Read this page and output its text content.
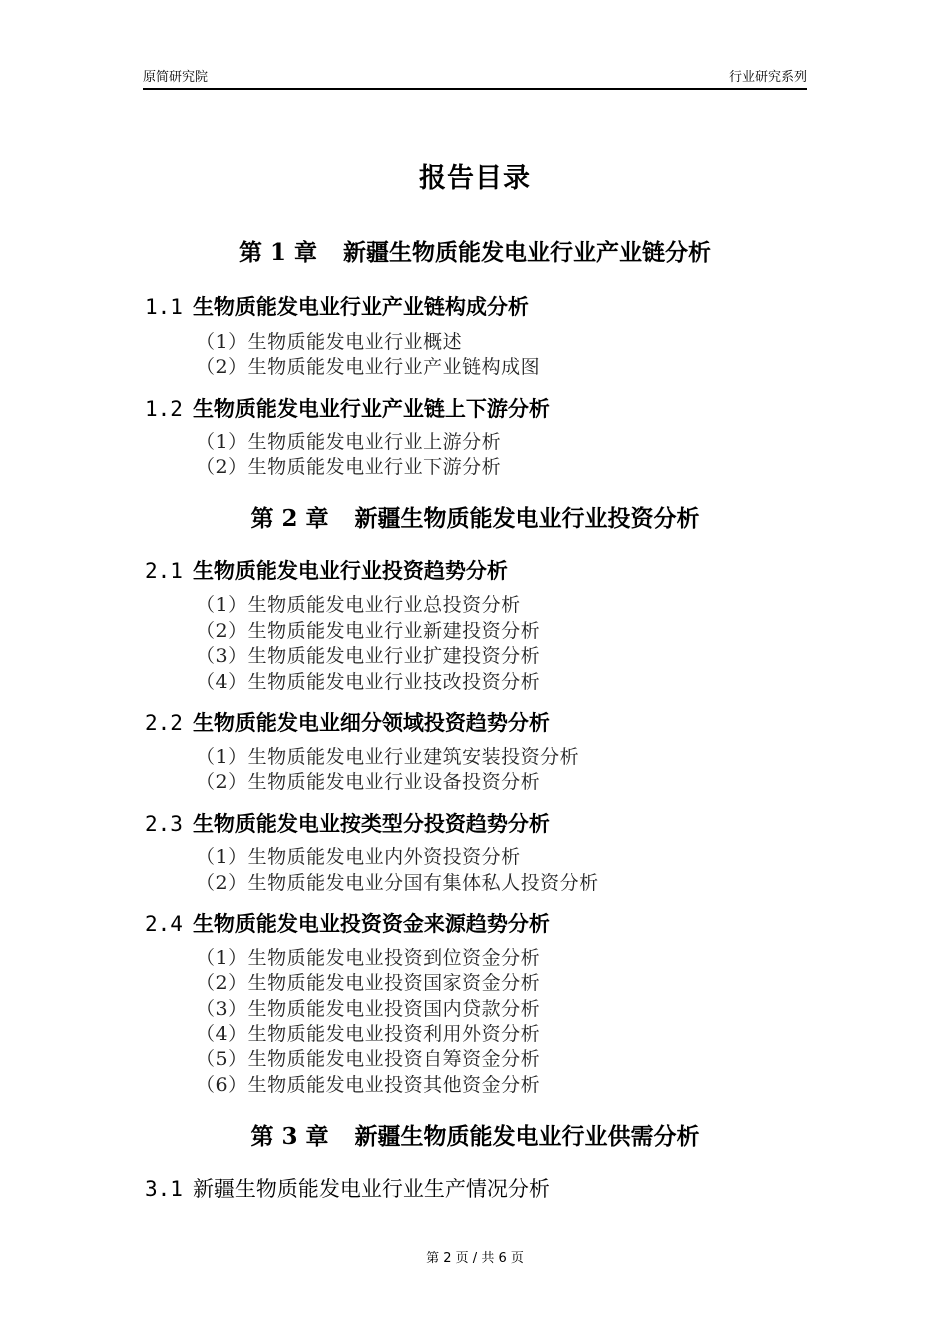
原简研究院	行业研究系列
报告目录
第 1 章 新疆生物质能发电业行业产业链分析
1.1 生物质能发电业行业产业链构成分析
（1）生物质能发电业行业概述
（2）生物质能发电业行业产业链构成图
1.2 生物质能发电业行业产业链上下游分析
（1）生物质能发电业行业上游分析
（2）生物质能发电业行业下游分析
第 2 章 新疆生物质能发电业行业投资分析
2.1 生物质能发电业行业投资趋势分析
（1）生物质能发电业行业总投资分析
（2）生物质能发电业行业新建投资分析
（3）生物质能发电业行业扩建投资分析
（4）生物质能发电业行业技改投资分析
2.2 生物质能发电业细分领域投资趋势分析
（1）生物质能发电业行业建筑安装投资分析
（2）生物质能发电业行业设备投资分析
2.3 生物质能发电业按类型分投资趋势分析
（1）生物质能发电业内外资投资分析
（2）生物质能发电业分国有集体私人投资分析
2.4 生物质能发电业投资资金来源趋势分析
（1）生物质能发电业投资到位资金分析
（2）生物质能发电业投资国家资金分析
（3）生物质能发电业投资国内贷款分析
（4）生物质能发电业投资利用外资分析
（5）生物质能发电业投资自筹资金分析
（6）生物质能发电业投资其他资金分析
第 3 章 新疆生物质能发电业行业供需分析
3.1 新疆生物质能发电业行业生产情况分析
第 2 页 / 共 6 页
